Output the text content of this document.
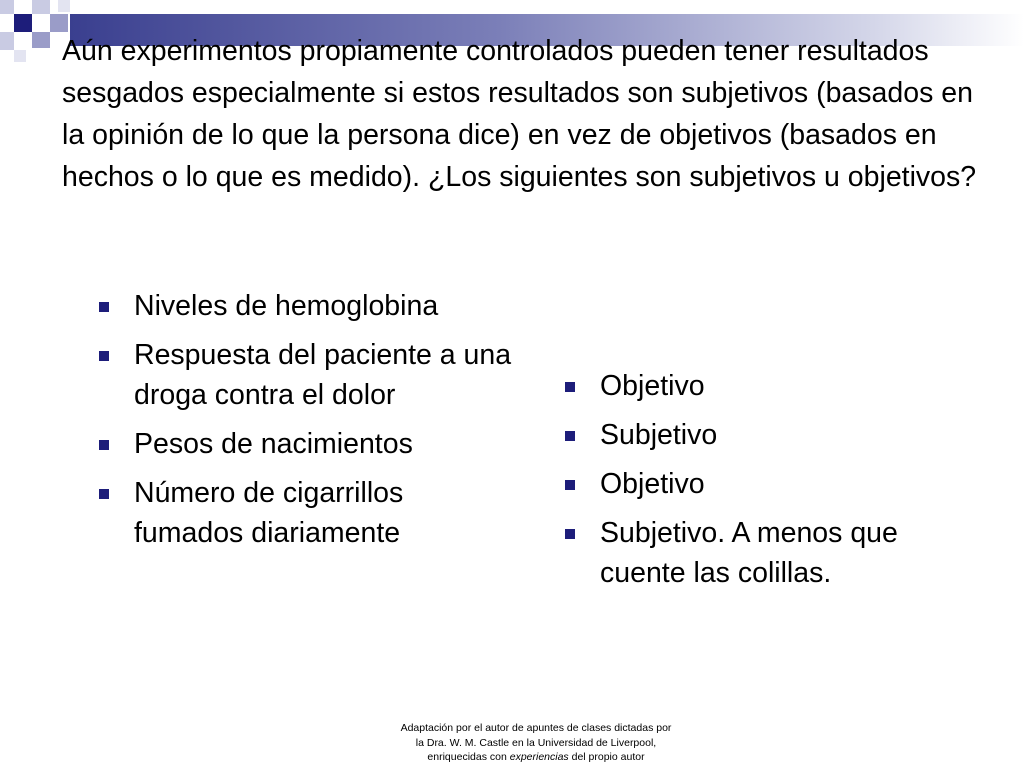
Aún experimentos propiamente controlados pueden tener resultados sesgados especialmente si estos resultados son subjetivos (basados en la opinión de lo que la persona dice) en vez de objetivos (basados en hechos o lo que es medido). ¿Los siguientes son subjetivos u objetivos?

Niveles de hemoglobina
Respuesta del paciente a una droga contra el dolor
Pesos de nacimientos
Número de cigarrillos fumados diariamente
Objetivo
Subjetivo
Objetivo
Subjetivo. A menos que cuente las colillas.
Adaptación por el autor de apuntes de clases dictadas por
la Dra. W. M. Castle en la Universidad de Liverpool,
enriquecidas con experiencias del propio autor
